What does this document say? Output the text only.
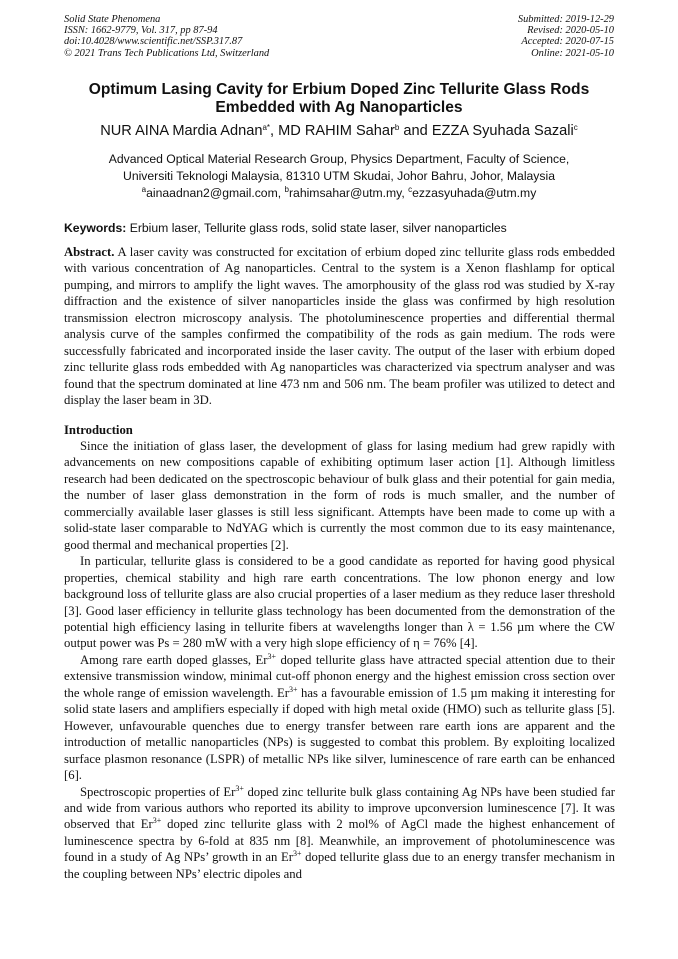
Solid State Phenomena
ISSN: 1662-9779, Vol. 317, pp 87-94
doi:10.4028/www.scientific.net/SSP.317.87
© 2021 Trans Tech Publications Ltd, Switzerland
Submitted: 2019-12-29
Revised: 2020-05-10
Accepted: 2020-07-15
Online: 2021-05-10
Optimum Lasing Cavity for Erbium Doped Zinc Tellurite Glass Rods
Embedded with Ag Nanoparticles
NUR AINA Mardia Adnan$^{a*}$, MD RAHIM Sahar$^b$ and EZZA Syuhada Sazali$^c$
Advanced Optical Material Research Group, Physics Department, Faculty of Science,
Universiti Teknologi Malaysia, 81310 UTM Skudai, Johor Bahru, Johor, Malaysia
$^a$ainaadnan2@gmail.com, $^b$rahimsahar@utm.my, $^c$ezzasyuhada@utm.my
Keywords: Erbium laser, Tellurite glass rods, solid state laser, silver nanoparticles

Abstract. A laser cavity was constructed for excitation of erbium doped zinc tellurite glass rods embedded with various concentration of Ag nanoparticles. Central to the system is a Xenon flashlamp for optical pumping, and mirrors to amplify the light waves. The amorphousity of the glass rod was studied by X-ray diffraction and the existence of silver nanoparticles inside the glass was confirmed by high resolution transmission electron microscopy analysis. The photoluminescence properties and differential thermal analysis curve of the samples confirmed the compatibility of the rods as gain medium. The rods were successfully fabricated and incorporated inside the laser cavity. The output of the laser with erbium doped zinc tellurite glass rods embedded with Ag nanoparticles was characterized via spectrum analyser and was found that the spectrum dominated at line 473 nm and 506 nm. The beam profiler was utilized to detect and display the laser beam in 3D.

Introduction

Since the initiation of glass laser, the development of glass for lasing medium had grew rapidly with advancements on new compositions capable of exhibiting optimum laser action [1]. Although limitless research had been dedicated on the spectroscopic behaviour of bulk glass and their potential for gain media, the number of laser glass demonstration in the form of rods is much smaller, and the number of commercially available laser glasses is still less significant. Attempts have been made to come up with a solid-state laser comparable to NdYAG which is currently the most common due to its easy maintenance, good thermal and mechanical properties [2].

In particular, tellurite glass is considered to be a good candidate as reported for having good physical properties, chemical stability and high rare earth concentrations. The low phonon energy and low background loss of tellurite glass are also crucial properties of a laser medium as they reduce laser threshold [3]. Good laser efficiency in tellurite glass technology has been documented from the demonstration of the potential high efficiency lasing in tellurite fibers at wavelengths longer than λ = 1.56 µm where the CW output power was Ps = 280 mW with a very high slope efficiency of η = 76% [4].

Among rare earth doped glasses, $Er^{3+}$ doped tellurite glass have attracted special attention due to their extensive transmission window, minimal cut-off phonon energy and the highest emission cross section over the whole range of emission wavelength. $Er^{3+}$ has a favourable emission of 1.5 µm making it interesting for solid state lasers and amplifiers especially if doped with high metal oxide (HMO) such as tellurite glass [5]. However, unfavourable quenches due to energy transfer between rare earth ions are apparent and the introduction of metallic nanoparticles (NPs) is suggested to combat this problem. By exploiting localized surface plasmon resonance (LSPR) of metallic NPs like silver, luminescence of rare earth can be enhanced [6].

Spectroscopic properties of $Er^{3+}$ doped zinc tellurite bulk glass containing Ag NPs have been studied far and wide from various authors who reported its ability to improve upconversion luminescence [7]. It was observed that $Er^{3+}$ doped zinc tellurite glass with 2 mol% of AgCl made the highest enhancement of luminescence spectra by 6-fold at 835 nm [8]. Meanwhile, an improvement of photoluminescence was found in a study of Ag NPs’ growth in an $Er^{3+}$ doped tellurite glass due to an energy transfer mechanism in the coupling between NPs’ electric dipoles and
